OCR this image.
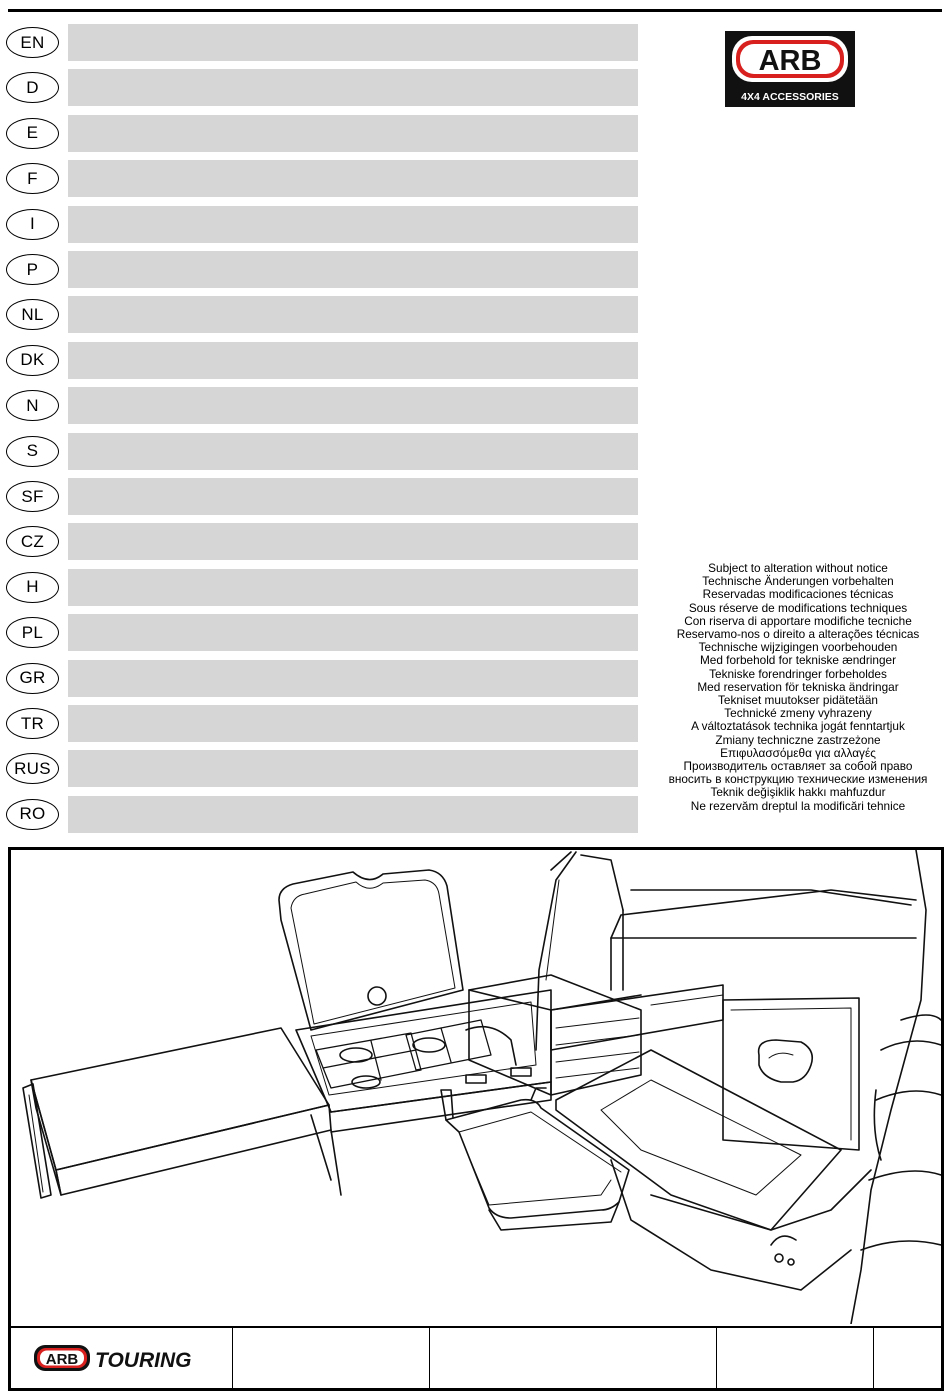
EN
D
E
F
I
P
NL
DK
N
S
SF
CZ
H
PL
GR
TR
RUS
RO
ARB
4X4 ACCESSORIES
Subject to alteration without notice
Technische Änderungen vorbehalten
Reservadas modificaciones técnicas
Sous réserve de modifications techniques
Con riserva di apportare modifiche tecniche
Reservamo-nos o direito a alterações técnicas
Technische wijzigingen voorbehouden
Med forbehold for tekniske ændringer
Tekniske forendringer forbeholdes
Med reservation för tekniska ändringar
Tekniset muutokser pidätetään
Technické zmeny vyhrazeny
A változtatások technika jogát fenntartjuk
Zmiany techniczne zastrzeżone
Επιφυλασσόμεθα για αλλαγές
Производитель оставляет за собой право
вносить в конструкцию технические изменения
Teknik değişiklik hakkı mahfuzdur
Ne rezervăm dreptul la modificări tehnice
ARB TOURING
